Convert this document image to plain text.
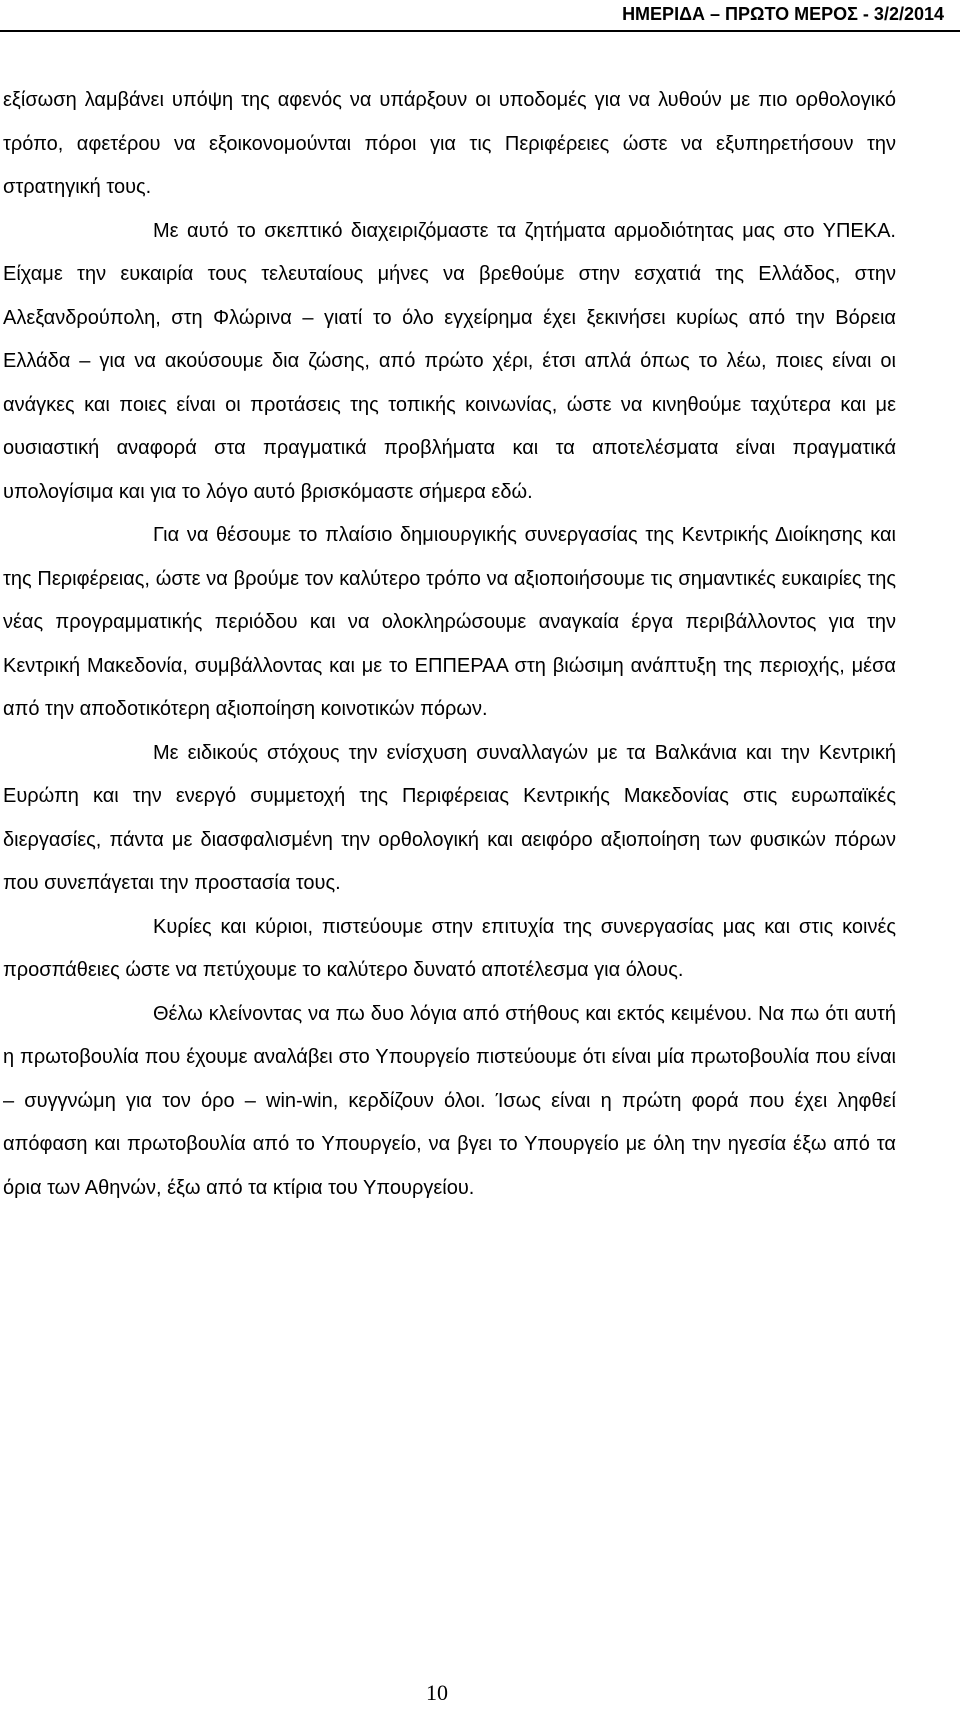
ΗΜΕΡΙΔΑ – ΠΡΩΤΟ ΜΕΡΟΣ - 3/2/2014

εξίσωση λαμβάνει υπόψη της αφενός να υπάρξουν οι υποδομές για να λυθούν με πιο ορθολογικό τρόπο, αφετέρου να εξοικονομούνται πόροι για τις Περιφέρειες ώστε να εξυπηρετήσουν την στρατηγική τους.

Με αυτό το σκεπτικό διαχειριζόμαστε τα ζητήματα αρμοδιότητας μας στο ΥΠΕΚΑ. Είχαμε την ευκαιρία τους τελευταίους μήνες να βρεθούμε στην εσχατιά της Ελλάδος, στην Αλεξανδρούπολη, στη Φλώρινα – γιατί το όλο εγχείρημα έχει ξεκινήσει κυρίως από την Βόρεια Ελλάδα – για να ακούσουμε δια ζώσης, από πρώτο χέρι, έτσι απλά όπως το λέω, ποιες είναι οι ανάγκες και ποιες είναι οι προτάσεις της τοπικής κοινωνίας, ώστε να κινηθούμε ταχύτερα και με ουσιαστική αναφορά στα πραγματικά προβλήματα και τα αποτελέσματα είναι πραγματικά υπολογίσιμα και για το λόγο αυτό βρισκόμαστε σήμερα εδώ.

Για να θέσουμε το πλαίσιο δημιουργικής συνεργασίας της Κεντρικής Διοίκησης και της Περιφέρειας, ώστε να βρούμε τον καλύτερο τρόπο να αξιοποιήσουμε τις σημαντικές ευκαιρίες της νέας προγραμματικής περιόδου και να ολοκληρώσουμε αναγκαία έργα περιβάλλοντος για την Κεντρική Μακεδονία, συμβάλλοντας και με το ΕΠΠΕΡΑΑ στη βιώσιμη ανάπτυξη της περιοχής, μέσα από την αποδοτικότερη αξιοποίηση κοινοτικών πόρων.

Με ειδικούς στόχους την ενίσχυση συναλλαγών με τα Βαλκάνια και την Κεντρική Ευρώπη και την ενεργό συμμετοχή της Περιφέρειας Κεντρικής Μακεδονίας στις ευρωπαϊκές διεργασίες, πάντα με διασφαλισμένη την ορθολογική και αειφόρο αξιοποίηση των φυσικών πόρων που συνεπάγεται την προστασία τους.

Κυρίες και κύριοι, πιστεύουμε στην επιτυχία της συνεργασίας μας και στις κοινές προσπάθειες ώστε να πετύχουμε το καλύτερο δυνατό αποτέλεσμα για όλους.

Θέλω κλείνοντας να πω δυο λόγια από στήθους και εκτός κειμένου. Να πω ότι αυτή η πρωτοβουλία που έχουμε αναλάβει στο Υπουργείο πιστεύουμε ότι είναι μία πρωτοβουλία που είναι – συγγνώμη για τον όρο – win-win, κερδίζουν όλοι. Ίσως είναι η πρώτη φορά που έχει ληφθεί απόφαση και πρωτοβουλία από το Υπουργείο, να βγει το Υπουργείο με όλη την ηγεσία έξω από τα όρια των Αθηνών, έξω από τα κτίρια του Υπουργείου.

10
